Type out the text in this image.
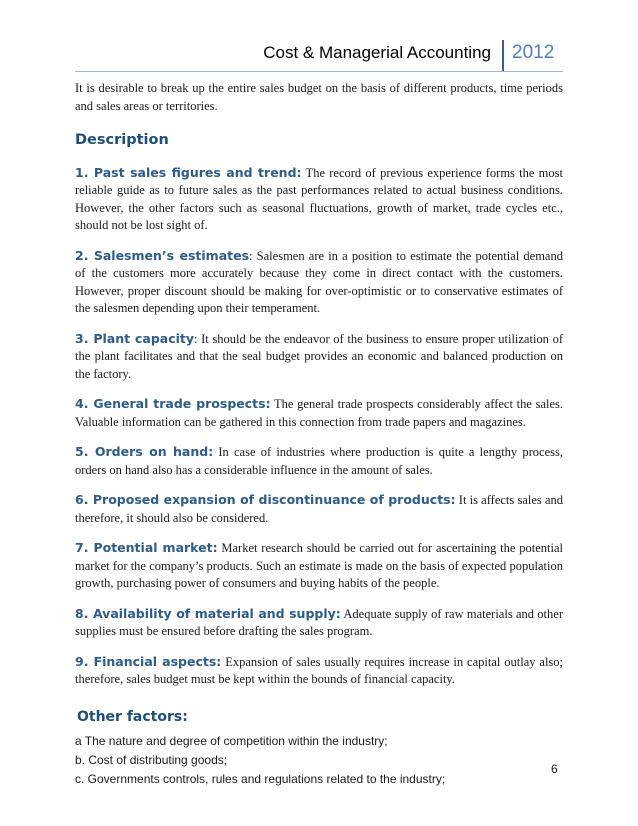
Cost & Managerial Accounting 2012

It is desirable to break up the entire sales budget on the basis of different products, time periods and sales areas or territories.

Description

1. Past sales figures and trend: The record of previous experience forms the most reliable guide as to future sales as the past performances related to actual business conditions. However, the other factors such as seasonal fluctuations, growth of market, trade cycles etc., should not be lost sight of.

2. Salesmen’s estimates: Salesmen are in a position to estimate the potential demand of the customers more accurately because they come in direct contact with the customers. However, proper discount should be making for over-optimistic or to conservative estimates of the salesmen depending upon their temperament.

3. Plant capacity: It should be the endeavor of the business to ensure proper utilization of the plant facilitates and that the seal budget provides an economic and balanced production on the factory.

4. General trade prospects: The general trade prospects considerably affect the sales. Valuable information can be gathered in this connection from trade papers and magazines.

5. Orders on hand: In case of industries where production is quite a lengthy process, orders on hand also has a considerable influence in the amount of sales.

6. Proposed expansion of discontinuance of products: It is affects sales and therefore, it should also be considered.

7. Potential market: Market research should be carried out for ascertaining the potential market for the company’s products. Such an estimate is made on the basis of expected population growth, purchasing power of consumers and buying habits of the people.

8. Availability of material and supply: Adequate supply of raw materials and other supplies must be ensured before drafting the sales program.

9. Financial aspects: Expansion of sales usually requires increase in capital outlay also; therefore, sales budget must be kept within the bounds of financial capacity.

Other factors:
a The nature and degree of competition within the industry;
b. Cost of distributing goods;
c. Governments controls, rules and regulations related to the industry;
6
